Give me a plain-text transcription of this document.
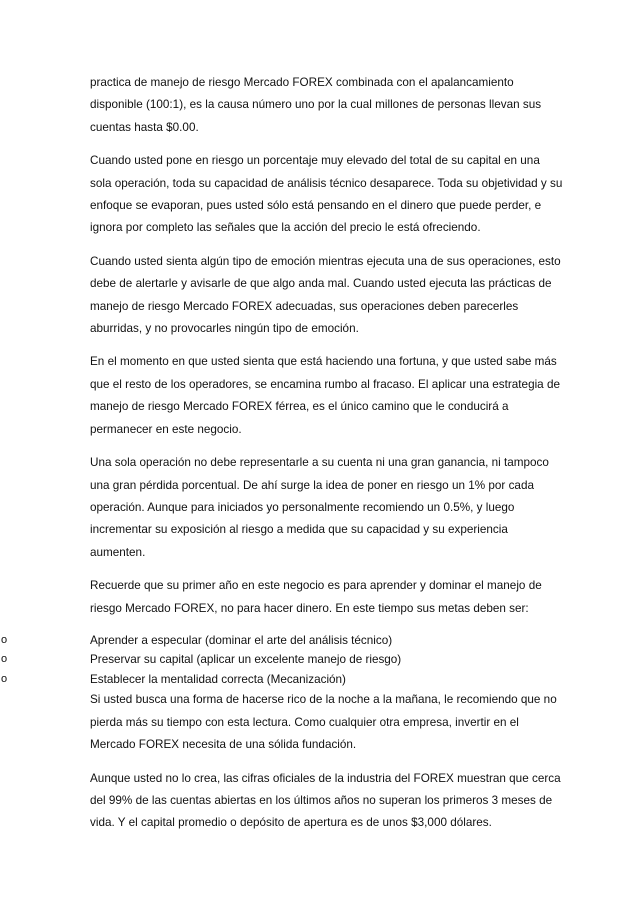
practica de manejo de riesgo Mercado FOREX combinada con el apalancamiento
disponible (100:1), es la causa número uno por la cual millones de personas llevan sus
cuentas hasta $0.00.

Cuando usted pone en riesgo un porcentaje muy elevado del total de su capital en una
sola operación, toda su capacidad de análisis técnico desaparece. Toda su objetividad y su
enfoque se evaporan, pues usted sólo está pensando en el dinero que puede perder, e
ignora por completo las señales que la acción del precio le está ofreciendo.

Cuando usted sienta algún tipo de emoción mientras ejecuta una de sus operaciones, esto
debe de alertarle y avisarle de que algo anda mal. Cuando usted ejecuta las prácticas de
manejo de riesgo Mercado FOREX adecuadas, sus operaciones deben parecerles
aburridas, y no provocarles ningún tipo de emoción.

En el momento en que usted sienta que está haciendo una fortuna, y que usted sabe más
que el resto de los operadores, se encamina rumbo al fracaso. El aplicar una estrategia de
manejo de riesgo Mercado FOREX férrea, es el único camino que le conducirá a
permanecer en este negocio.

Una sola operación no debe representarle a su cuenta ni una gran ganancia, ni tampoco
una gran pérdida porcentual. De ahí surge la idea de poner en riesgo un 1% por cada
operación. Aunque para iniciados yo personalmente recomiendo un 0.5%, y luego
incrementar su exposición al riesgo a medida que su capacidad y su experiencia
aumenten.

Recuerde que su primer año en este negocio es para aprender y dominar el manejo de
riesgo Mercado FOREX, no para hacer dinero. En este tiempo sus metas deben ser:

o	Aprender a especular (dominar el arte del análisis técnico)
o	Preservar su capital (aplicar un excelente manejo de riesgo)
o	Establecer la mentalidad correcta (Mecanización)

Si usted busca una forma de hacerse rico de la noche a la mañana, le recomiendo que no
pierda más su tiempo con esta lectura. Como cualquier otra empresa, invertir en el
Mercado FOREX necesita de una sólida fundación.

Aunque usted no lo crea, las cifras oficiales de la industria del FOREX muestran que cerca
del 99% de las cuentas abiertas en los últimos años no superan los primeros 3 meses de
vida. Y el capital promedio o depósito de apertura es de unos $3,000 dólares.
